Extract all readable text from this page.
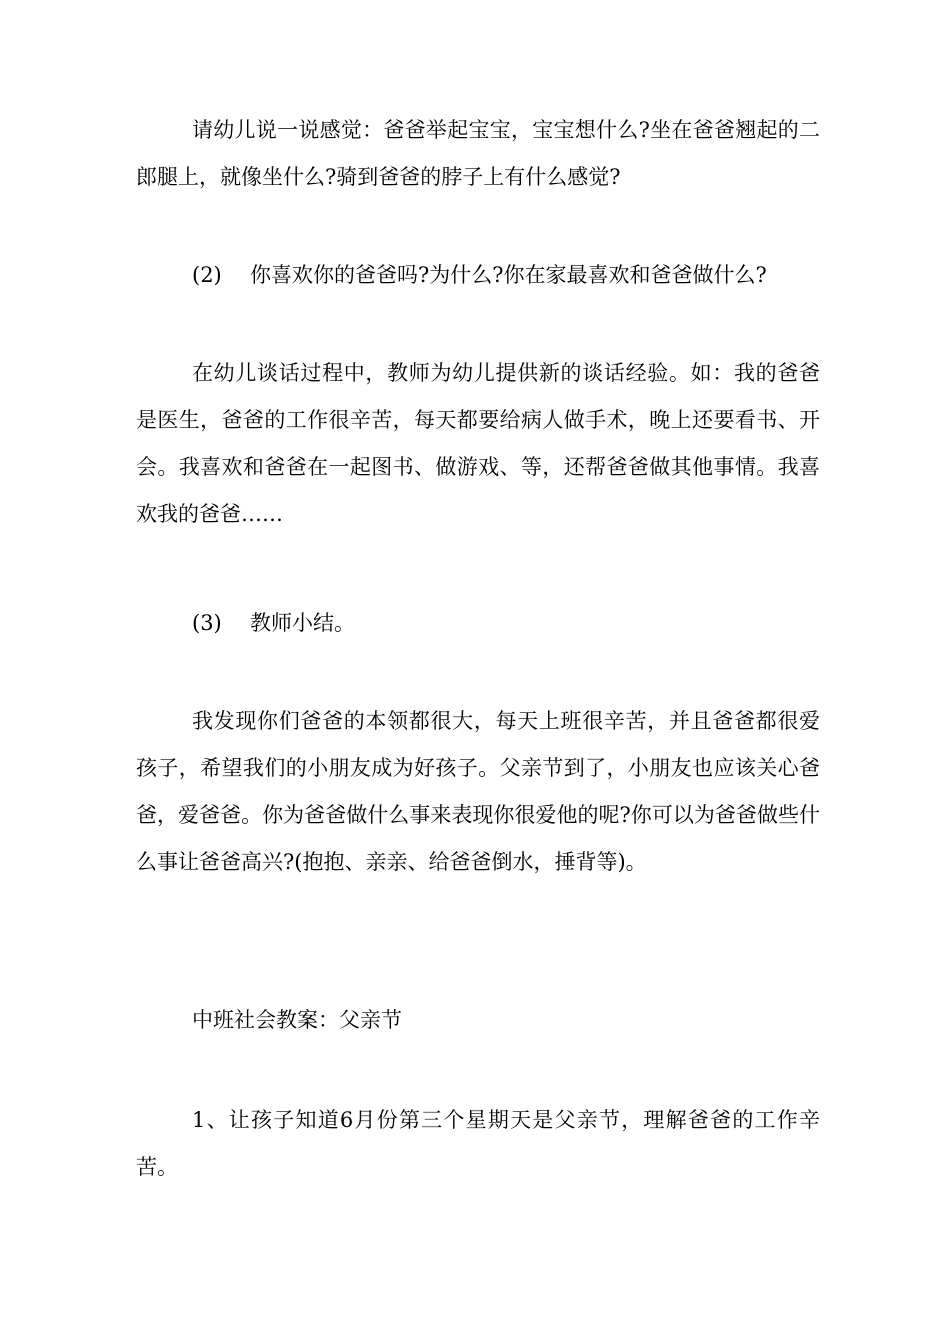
请幼儿说一说感觉：爸爸举起宝宝，宝宝想什么?坐在爸爸翘起的二郎腿上，就像坐什么?骑到爸爸的脖子上有什么感觉?

(2) 你喜欢你的爸爸吗?为什么?你在家最喜欢和爸爸做什么?

在幼儿谈话过程中，教师为幼儿提供新的谈话经验。如：我的爸爸是医生，爸爸的工作很辛苦，每天都要给病人做手术，晚上还要看书、开会。我喜欢和爸爸在一起图书、做游戏、等，还帮爸爸做其他事情。我喜欢我的爸爸……

(3) 教师小结。

我发现你们爸爸的本领都很大，每天上班很辛苦，并且爸爸都很爱孩子，希望我们的小朋友成为好孩子。父亲节到了，小朋友也应该关心爸爸，爱爸爸。你为爸爸做什么事来表现你很爱他的呢?你可以为爸爸做些什么事让爸爸高兴?(抱抱、亲亲、给爸爸倒水，捶背等)。

中班社会教案：父亲节

1、让孩子知道6月份第三个星期天是父亲节，理解爸爸的工作辛苦。
